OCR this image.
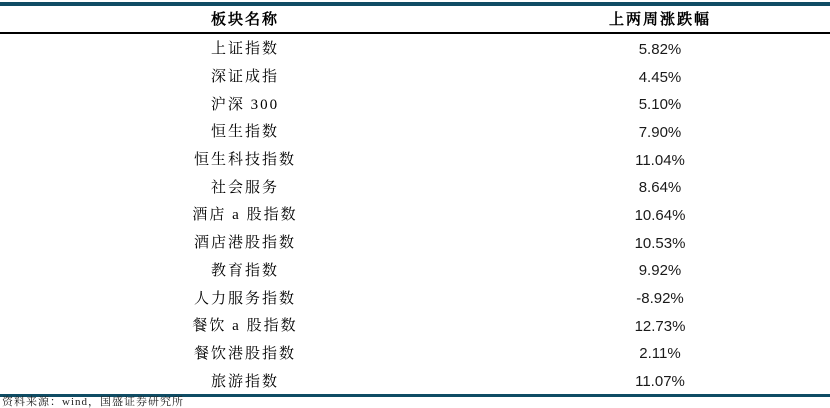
板块名称	上两周涨跌幅
上证指数	5.82%
深证成指	4.45%
沪深 300	5.10%
恒生指数	7.90%
恒生科技指数	11.04%
社会服务	8.64%
酒店 a 股指数	10.64%
酒店港股指数	10.53%
教育指数	9.92%
人力服务指数	-8.92%
餐饮 a 股指数	12.73%
餐饮港股指数	2.11%
旅游指数	11.07%
资料来源：wind，国盛证券研究所
